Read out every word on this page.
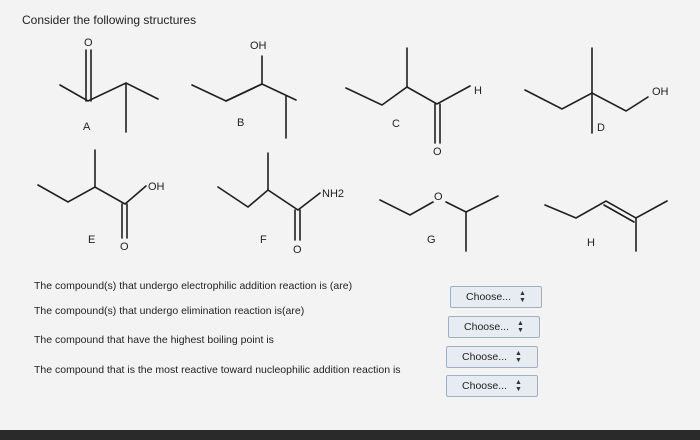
Consider the following structures
O
A
OH
B
H
O
C
OH
D
OH
O
E
NH2
O
F
O
G	H
The compound(s) that undergo electrophilic addition reaction is (are)
The compound(s) that undergo elimination reaction is(are)
The compound that have the highest boiling point is
The compound that is the most reactive toward nucleophilic addition reaction is
Choose... ▲
▼
Choose... ▲
▼
Choose... ▲
▼
Choose... ▲
▼
